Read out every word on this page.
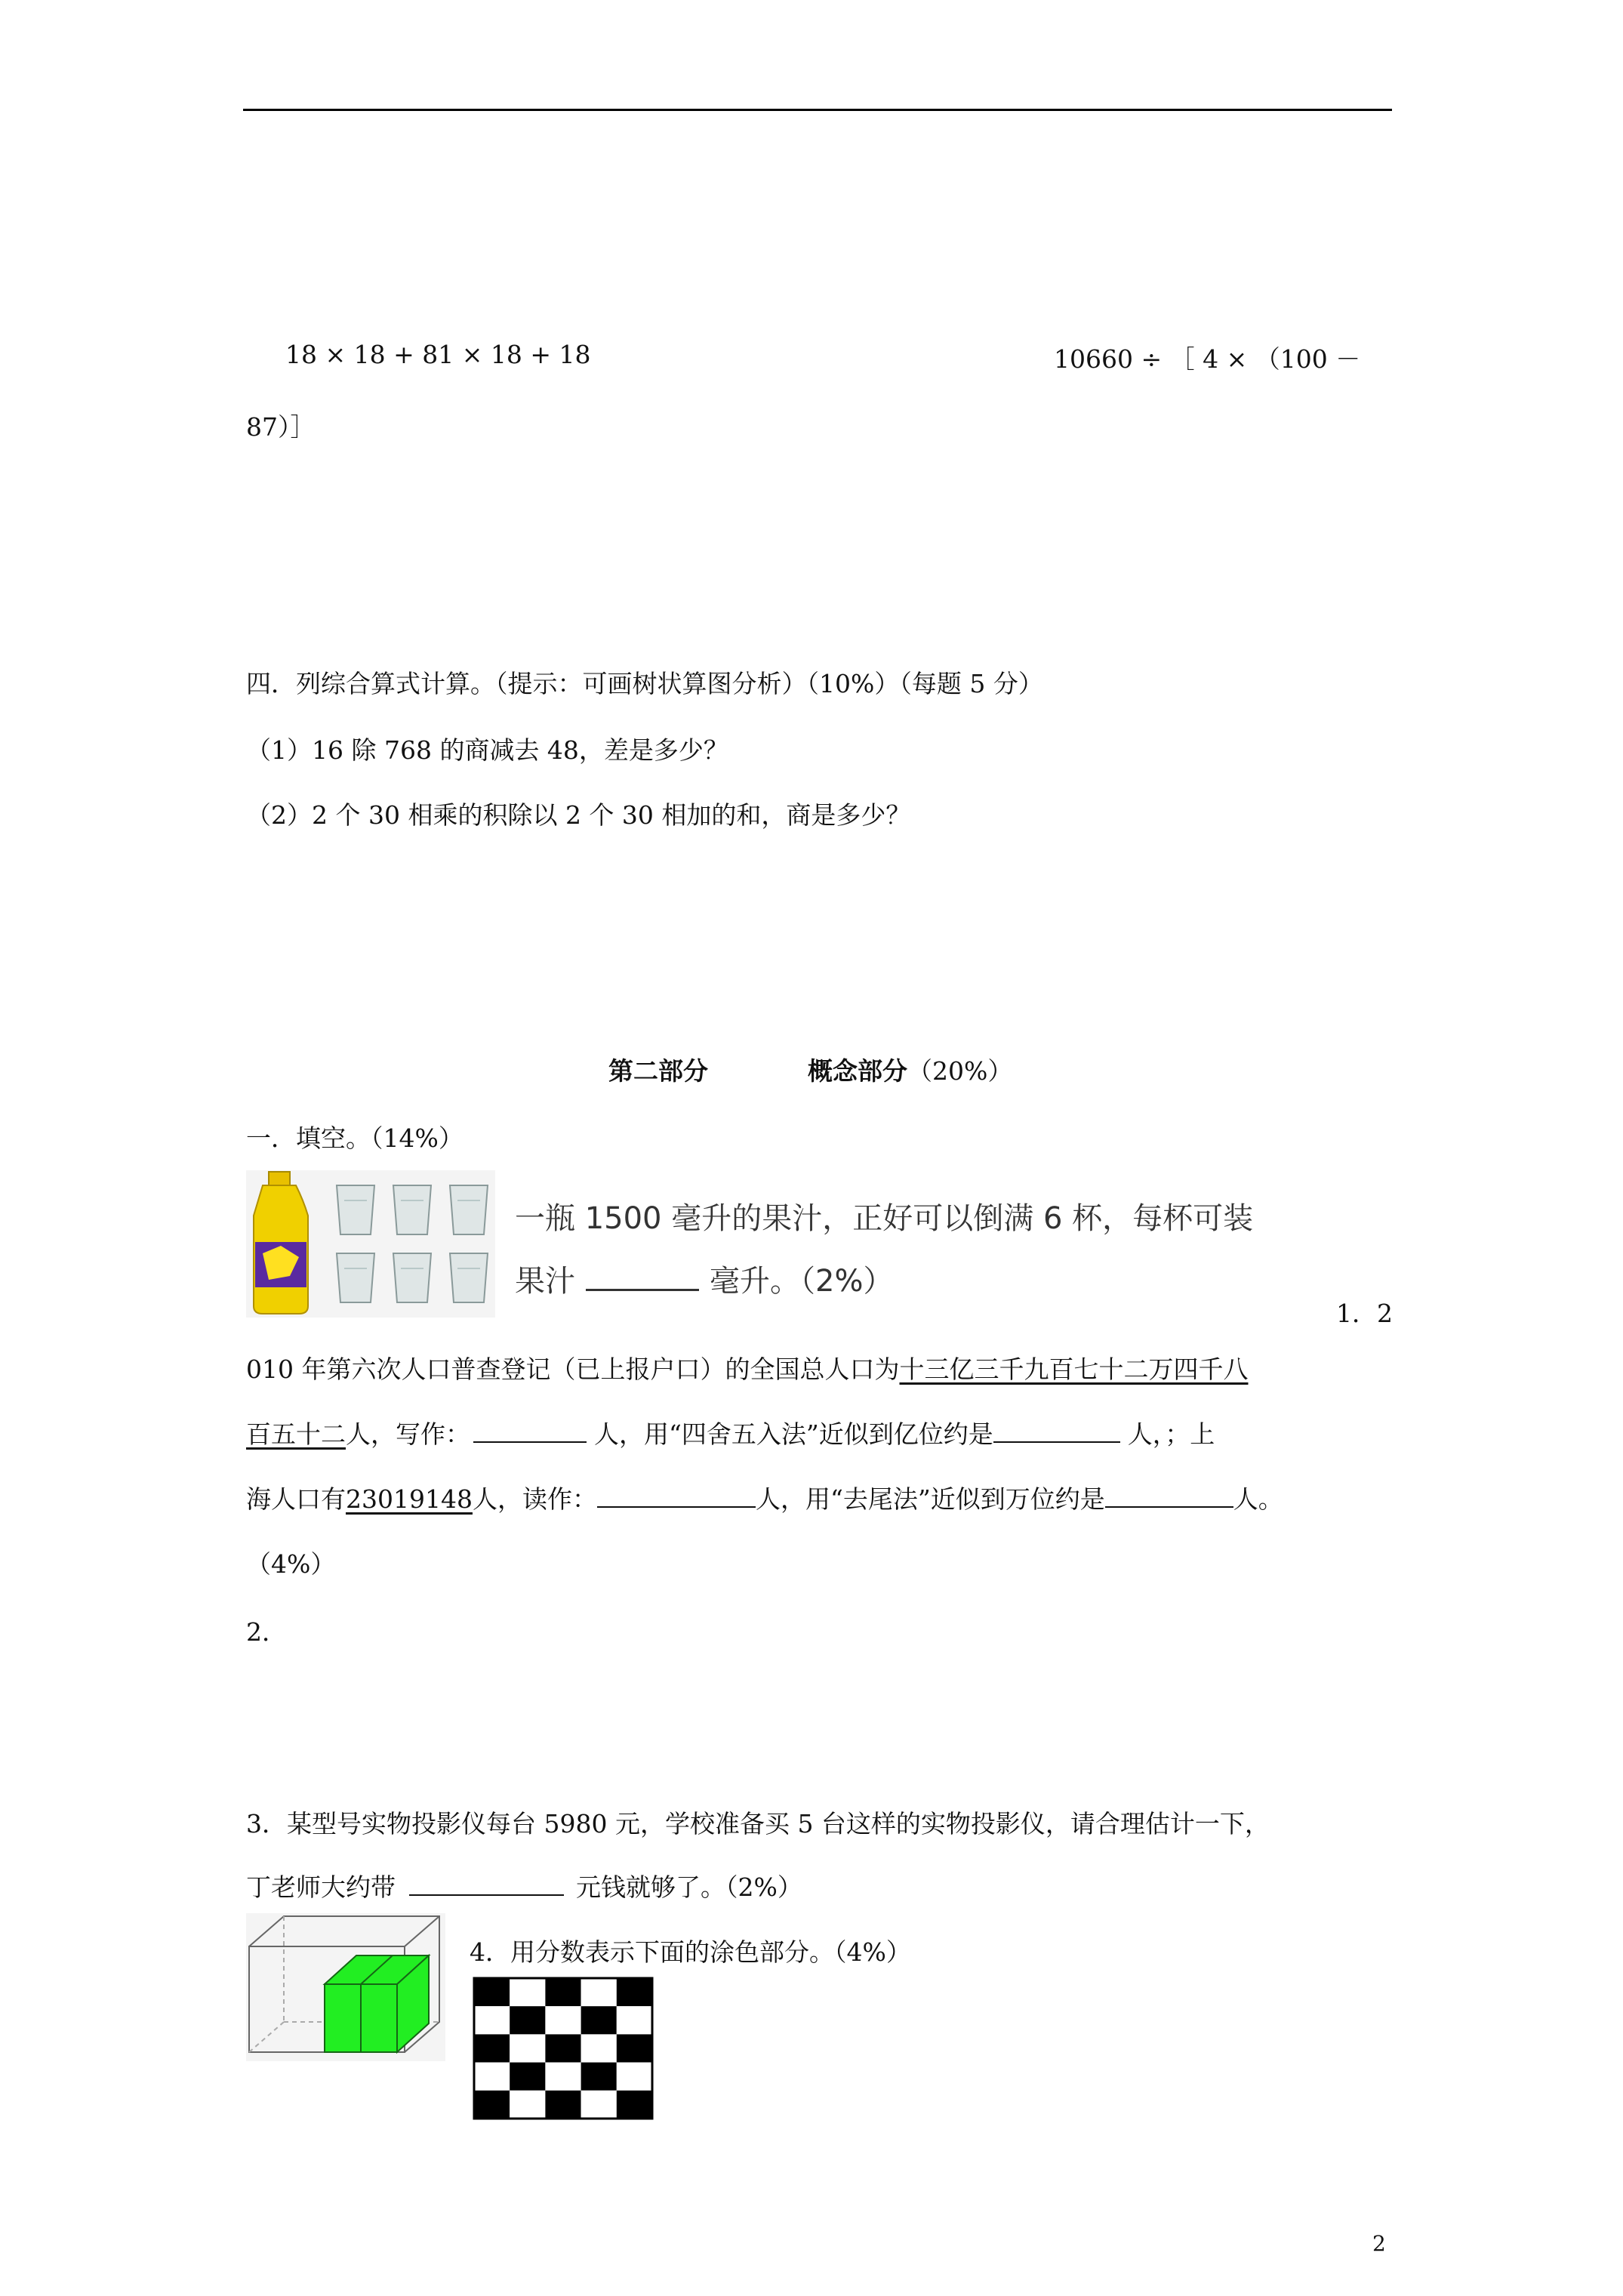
18 × 18 + 81 × 18 + 18	10660 ÷ ［ 4 × （100 －
87）］
四．列综合算式计算。（提示：可画树状算图分析）（10%）（每题 5 分）
（1）16 除 768 的商减去 48，差是多少？
（2）2 个 30 相乘的积除以 2 个 30 相加的和，商是多少？
第二部分	概念部分（20%）
一．填空。（14%）
一瓶 1500 毫升的果汁，正好可以倒满 6 杯，每杯可装
果汁	毫升。（2%）
1．2
010 年第六次人口普查登记（已上报户口）的全国总人口为十三亿三千九百七十二万四千八
百五十二人，写作：	人，用“四舍五入法”近似到亿位约是	人，；上
海人口有23019148人，读作：	人，用“去尾法”近似到万位约是	人。
（4%）
2．
3．某型号实物投影仪每台 5980 元，学校准备买 5 台这样的实物投影仪，请合理估计一下，
丁老师大约带	元钱就够了。（2%）
4．用分数表示下面的涂色部分。（4%）
2
